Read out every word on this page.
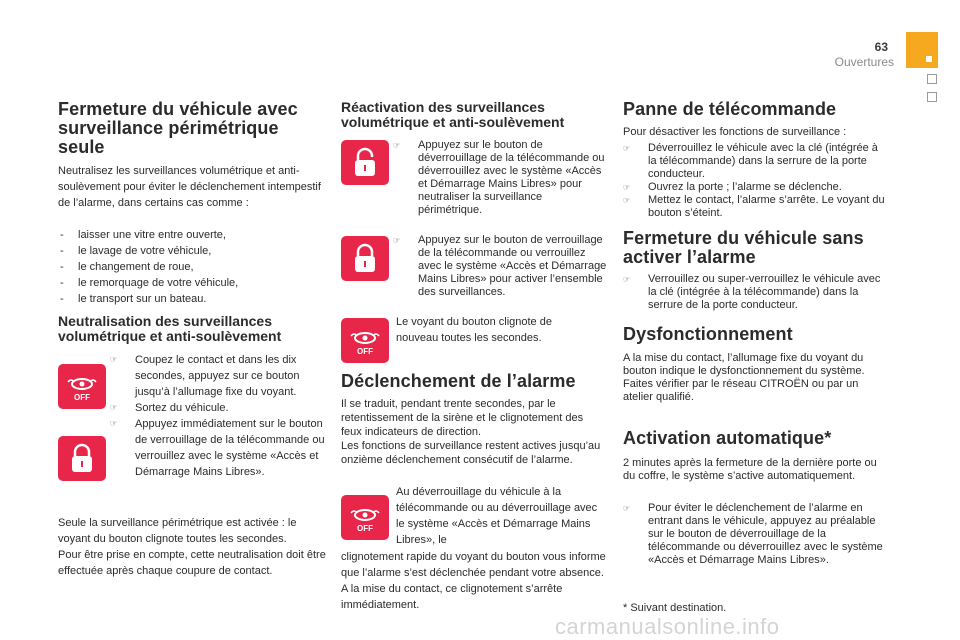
63
Ouvertures
Fermeture du véhicule avec surveillance périmétrique seule
Neutralisez les surveillances volumétrique et anti-soulèvement pour éviter le déclenchement intempestif de l’alarme, dans certains cas comme :
- laisser une vitre entre ouverte,
- le lavage de votre véhicule,
- le changement de roue,
- le remorquage de votre véhicule,
- le transport sur un bateau.
Neutralisation des surveillances volumétrique et anti-soulèvement
OFF
☞ Coupez le contact et dans les dix secondes, appuyez sur ce bouton jusqu’à l’allumage fixe du voyant.
☞ Sortez du véhicule.
☞ Appuyez immédiatement sur le bouton de verrouillage de la télécommande ou verrouillez avec le système «Accès et Démarrage Mains Libres».
Seule la surveillance périmétrique est activée : le voyant du bouton clignote toutes les secondes.
Pour être prise en compte, cette neutralisation doit être effectuée après chaque coupure de contact.
Réactivation des surveillances volumétrique et anti-soulèvement
☞ Appuyez sur le bouton de déverrouillage de la télécommande ou déverrouillez avec le système «Accès et Démarrage Mains Libres» pour neutraliser la surveillance périmétrique.
☞ Appuyez sur le bouton de verrouillage de la télécommande ou verrouillez avec le système «Accès et Démarrage Mains Libres» pour activer l’ensemble des surveillances.
OFF
Le voyant du bouton clignote de nouveau toutes les secondes.
Déclenchement de l’alarme
Il se traduit, pendant trente secondes, par le retentissement de la sirène et le clignotement des feux indicateurs de direction.
Les fonctions de surveillance restent actives jusqu’au onzième déclenchement consécutif de l’alarme.
OFF
Au déverrouillage du véhicule à la télécommande ou au déverrouillage avec le système «Accès et Démarrage Mains Libres», le
clignotement rapide du voyant du bouton vous informe que l’alarme s’est déclenchée pendant votre absence. A la mise du contact, ce clignotement s’arrête immédiatement.
Panne de télécommande
Pour désactiver les fonctions de surveillance :
☞ Déverrouillez le véhicule avec la clé (intégrée à la télécommande) dans la serrure de la porte conducteur.
☞ Ouvrez la porte ; l’alarme se déclenche.
☞ Mettez le contact, l’alarme s’arrête. Le voyant du bouton s’éteint.
Fermeture du véhicule sans activer l’alarme
☞ Verrouillez ou super-verrouillez le véhicule avec la clé (intégrée à la télécommande) dans la serrure de la porte conducteur.
Dysfonctionnement
A la mise du contact, l’allumage fixe du voyant du bouton indique le dysfonctionnement du système.
Faites vérifier par le réseau CITROËN ou par un atelier qualifié.
Activation automatique*
2 minutes après la fermeture de la dernière porte ou du coffre, le système s’active automatiquement.
☞ Pour éviter le déclenchement de l’alarme en entrant dans le véhicule, appuyez au préalable sur le bouton de déverrouillage de la télécommande ou déverrouillez avec le système «Accès et Démarrage Mains Libres».
* Suivant destination.
carmanualsonline.info
